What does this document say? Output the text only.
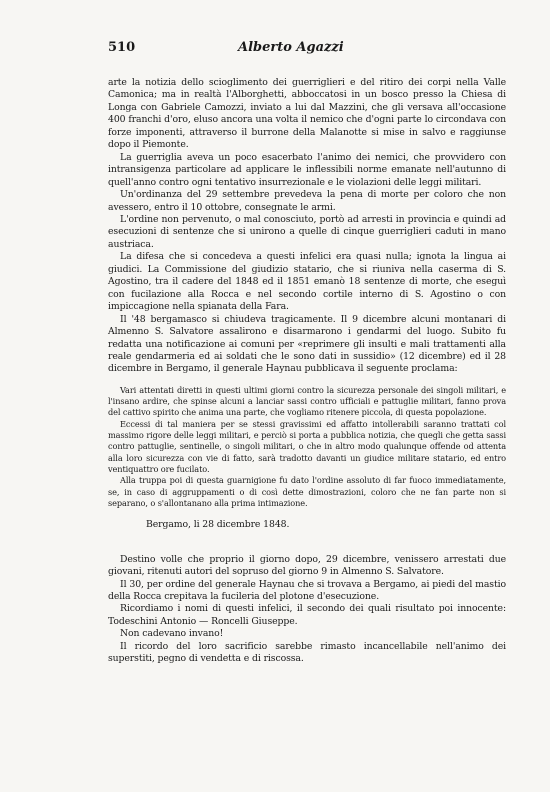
510	Alberto Agazzi

arte la notizia dello scioglimento dei guerriglieri e del ritiro dei corpi nella Valle Camonica; ma in realtà l'Alborghetti, abboccatosi in un bosco presso la Chiesa di Longa con Gabriele Camozzi, inviato a lui dal Mazzini, che gli versava all'occasione 400 franchi d'oro, eluso ancora una volta il nemico che d'ogni parte lo circondava con forze imponenti, attraverso il burrone della Malanotte si mise in salvo e raggiunse dopo il Piemonte.

La guerriglia aveva un poco esacerbato l'animo dei nemici, che provvidero con intransigenza particolare ad applicare le inflessibili norme emanate nell'autunno di quell'anno contro ogni tentativo insurrezionale e le violazioni delle leggi militari.

Un'ordinanza del 29 settembre prevedeva la pena di morte per coloro che non avessero, entro il 10 ottobre, consegnate le armi.

L'ordine non pervenuto, o mal conosciuto, portò ad arresti in provincia e quindi ad esecuzioni di sentenze che si unirono a quelle di cinque guerriglieri caduti in mano austriaca.

La difesa che si concedeva a questi infelici era quasi nulla; ignota la lingua ai giudici. La Commissione del giudizio statario, che si riuniva nella caserma di S. Agostino, tra il cadere del 1848 ed il 1851 emanò 18 sentenze di morte, che eseguì con fucilazione alla Rocca e nel secondo cortile interno di S. Agostino o con impiccagione nella spianata della Fara.

Il '48 bergamasco si chiudeva tragicamente. Il 9 dicembre alcuni montanari di Almenno S. Salvatore assalirono e disarmarono i gendarmi del luogo. Subito fu redatta una notificazione ai comuni per «reprimere gli insulti e mali trattamenti alla reale gendarmeria ed ai soldati che le sono dati in sussidio» (12 dicembre) ed il 28 dicembre in Bergamo, il generale Haynau pubblicava il seguente proclama:

Vari attentati diretti in questi ultimi giorni contro la sicurezza personale dei singoli militari, e l'insano ardire, che spinse alcuni a lanciar sassi contro ufficiali e pattuglie militari, fanno prova del cattivo spirito che anima una parte, che vogliamo ritenere piccola, di questa popolazione.

Eccessi di tal maniera per se stessi gravissimi ed affatto intollerabili saranno trattati col massimo rigore delle leggi militari, e perciò si porta a pubblica notizia, che quegli che getta sassi contro pattuglie, sentinelle, o singoli militari, o che in altro modo qualunque offende od attenta alla loro sicurezza con vie di fatto, sarà tradotto davanti un giudice militare statario, ed entro ventiquattro ore fucilato.

Alla truppa poi di questa guarnigione fu dato l'ordine assoluto di far fuoco immediatamente, se, in caso di aggruppamenti o di così dette dimostrazioni, coloro che ne fan parte non si separano, o s'allontanano alla prima intimazione.

Bergamo, li 28 dicembre 1848.

Destino volle che proprio il giorno dopo, 29 dicembre, venissero arrestati due giovani, ritenuti autori del sopruso del giorno 9 in Almenno S. Salvatore.

Il 30, per ordine del generale Haynau che si trovava a Bergamo, ai piedi del mastio della Rocca crepitava la fucileria del plotone d'esecuzione.

Ricordiamo i nomi di questi infelici, il secondo dei quali risultato poi innocente: Todeschini Antonio — Roncelli Giuseppe.

Non cadevano invano!

Il ricordo del loro sacrificio sarebbe rimasto incancellabile nell'animo dei superstiti, pegno di vendetta e di riscossa.
